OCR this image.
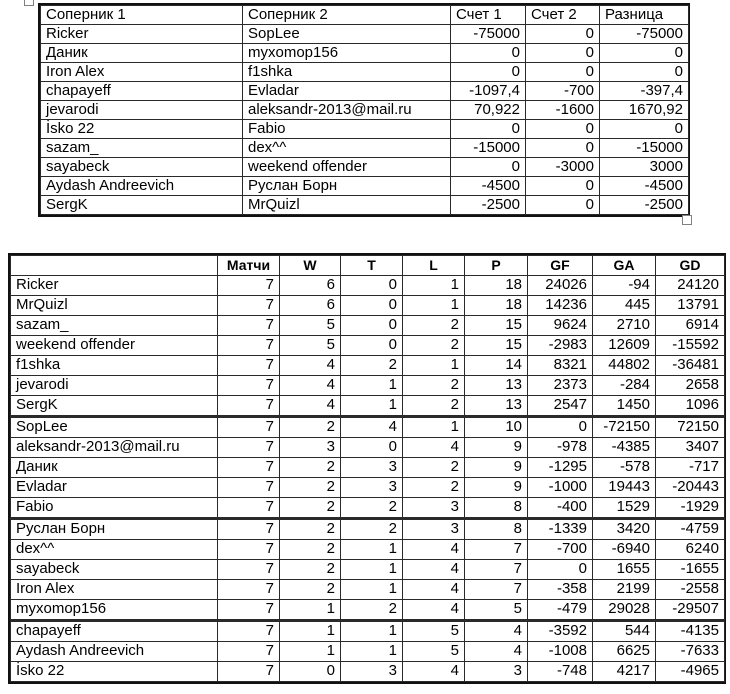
Соперник 1	Соперник 2	Счет 1	Счет 2	Разница
Ricker	SopLee	-75000	0	-75000
Даник	myxomop156	0	0	0
Iron Alex	f1shka	0	0	0
chapayeff	Evladar	-1097,4	-700	-397,4
jevarodi	aleksandr-2013@mail.ru	70,922	-1600	1670,92
İsko 22	Fabio	0	0	0
sazam_	dex^^	-15000	0	-15000
sayabeck	weekend offender	0	-3000	3000
Aydash Andreevich	Руслан Борн	-4500	0	-4500
SergK	MrQuizl	-2500	0	-2500
	Матчи	W	T	L	P	GF	GA	GD
Ricker	7	6	0	1	18	24026	-94	24120
MrQuizl	7	6	0	1	18	14236	445	13791
sazam_	7	5	0	2	15	9624	2710	6914
weekend offender	7	5	0	2	15	-2983	12609	-15592
f1shka	7	4	2	1	14	8321	44802	-36481
jevarodi	7	4	1	2	13	2373	-284	2658
SergK	7	4	1	2	13	2547	1450	1096
SopLee	7	2	4	1	10	0	-72150	72150
aleksandr-2013@mail.ru	7	3	0	4	9	-978	-4385	3407
Даник	7	2	3	2	9	-1295	-578	-717
Evladar	7	2	3	2	9	-1000	19443	-20443
Fabio	7	2	2	3	8	-400	1529	-1929
Руслан Борн	7	2	2	3	8	-1339	3420	-4759
dex^^	7	2	1	4	7	-700	-6940	6240
sayabeck	7	2	1	4	7	0	1655	-1655
Iron Alex	7	2	1	4	7	-358	2199	-2558
myxomop156	7	1	2	4	5	-479	29028	-29507
chapayeff	7	1	1	5	4	-3592	544	-4135
Aydash Andreevich	7	1	1	5	4	-1008	6625	-7633
İsko 22	7	0	3	4	3	-748	4217	-4965
